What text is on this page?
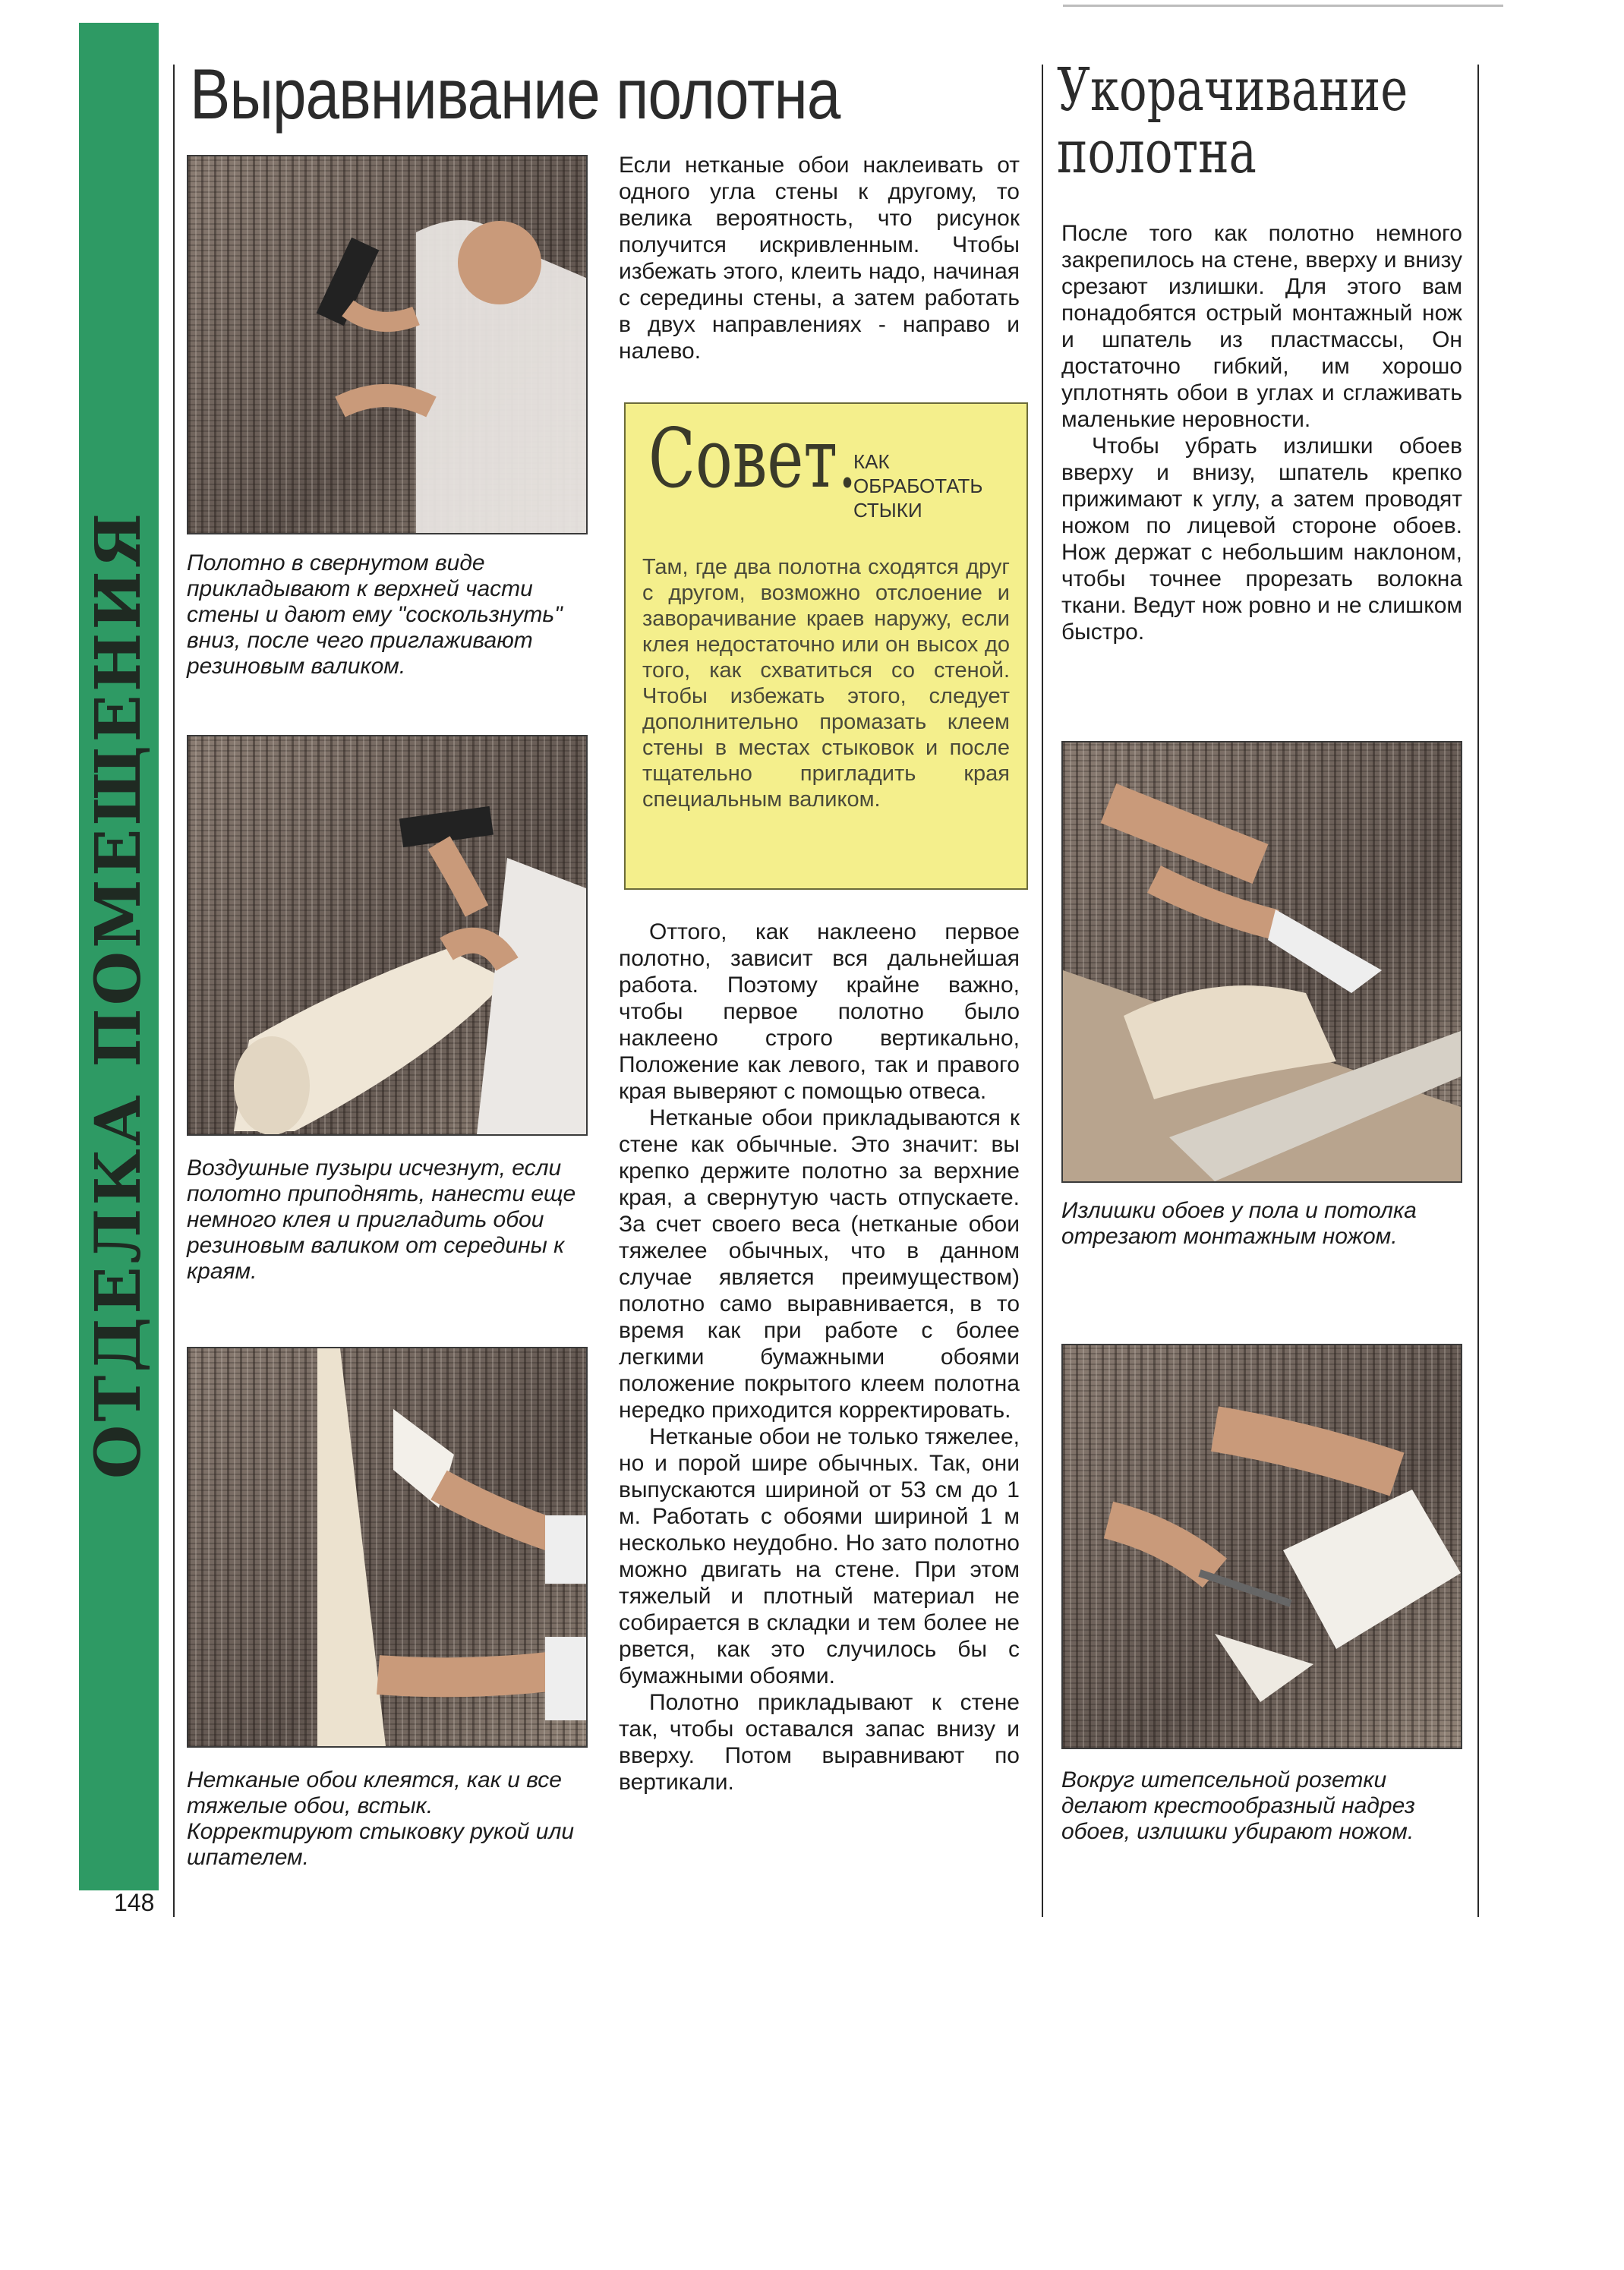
ОТДЕЛКА ПОМЕЩЕНИЯ
Выравнивание полотна
Полотно в свернутом виде прикладывают к верхней части стены и дают ему "соскользнуть" вниз, после чего приглаживают резиновым валиком.
Воздушные пузыри исчезнут, если полотно приподнять, нанести еще немного клея и пригладить обои резиновым валиком от середины к краям.
Нетканые обои клеятся, как и все тяжелые обои, встык. Корректируют стыковку рукой или шпателем.

Если нетканые обои наклеивать от одного угла стены к другому, то велика вероятность, что рисунок получится искривленным. Чтобы избежать этого, клеить надо, начиная с середины стены, а затем работать в двух направлениях - направо и налево.

Совет.
КАК ОБРАБОТАТЬ СТЫКИ
Там, где два полотна сходятся друг с другом, возможно отслоение и заворачивание краев наружу, если клея недостаточно или он высох до того, как схватиться со стеной. Чтобы избежать этого, следует дополнительно промазать клеем стены в местах стыковок и после тщательно пригладить края специальным валиком.

Оттого, как наклеено первое полотно, зависит вся дальнейшая работа. Поэтому крайне важно, чтобы первое полотно было наклеено строго вертикально, Положение как левого, так и правого края выверяют с помощью отвеса.

Нетканые обои прикладываются к стене как обычные. Это значит: вы крепко держите полотно за верхние края, а свернутую часть отпускаете. За счет своего веса (нетканые обои тяжелее обычных, что в данном случае является преимуществом) полотно само выравнивается, в то время как при работе с более легкими бумажными обоями положение покрытого клеем полотна нередко приходится корректировать.

Нетканые обои не только тяжелее, но и порой шире обычных. Так, они выпускаются шириной от 53 см до 1 м. Работать с обоями шириной 1 м несколько неудобно. Но зато полотно можно двигать на стене. При этом тяжелый и плотный материал не собирается в складки и тем более не рвется, как это случилось бы с бумажными обоями.

Полотно прикладывают к стене так, чтобы оставался запас внизу и вверху. Потом выравнивают по вертикали.

Укорачивание полотна

После того как полотно немного закрепилось на стене, вверху и внизу срезают излишки. Для этого вам понадобятся острый монтажный нож и шпатель из пластмассы, Он достаточно гибкий, им хорошо уплотнять обои в углах и сглаживать маленькие неровности.

Чтобы убрать излишки обоев вверху и внизу, шпатель крепко прижимают к углу, а затем проводят ножом по лицевой стороне обоев. Нож держат с небольшим наклоном, чтобы точнее прорезать волокна ткани. Ведут нож ровно и не слишком быстро.

Излишки обоев у пола и потолка отрезают монтажным ножом.
Вокруг штепсельной розетки делают крестообразный надрез обоев, излишки убирают ножом.
148
